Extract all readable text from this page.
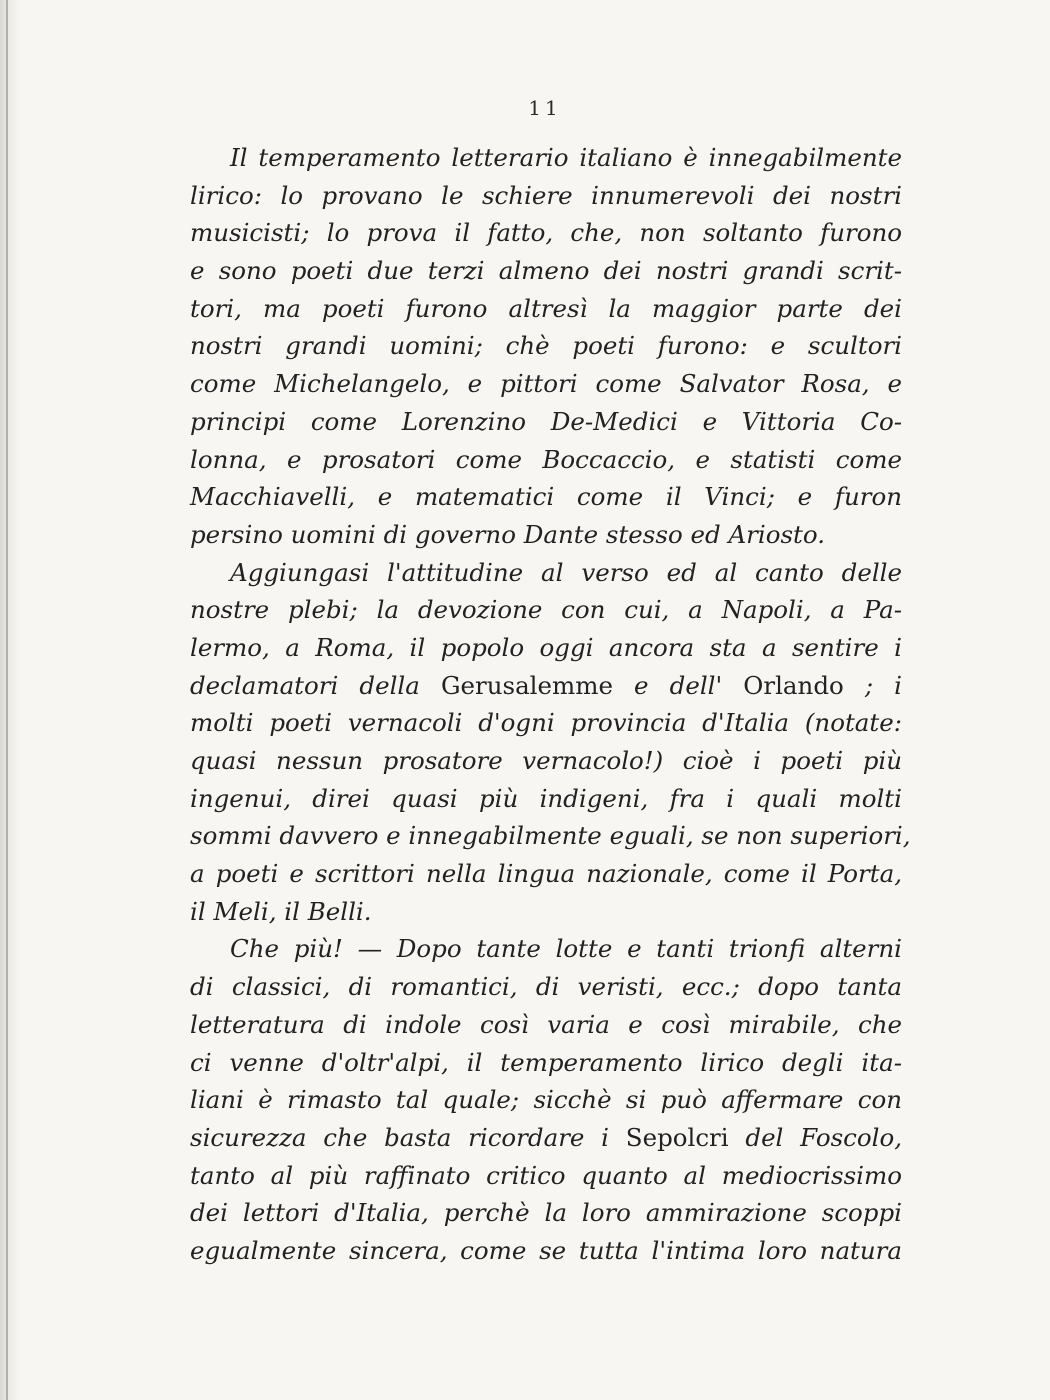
11
Il temperamento letterario italiano è innegabilmente
lirico: lo provano le schiere innumerevoli dei nostri
musicisti; lo prova il fatto, che, non soltanto furono
e sono poeti due terzi almeno dei nostri grandi scrit-
tori, ma poeti furono altresì la maggior parte dei
nostri grandi uomini; chè poeti furono: e scultori
come Michelangelo, e pittori come Salvator Rosa, e
principi come Lorenzino De-Medici e Vittoria Co-
lonna, e prosatori come Boccaccio, e statisti come
Macchiavelli, e matematici come il Vinci; e furon
persino uomini di governo Dante stesso ed Ariosto.
Aggiungasi l'attitudine al verso ed al canto delle
nostre plebi; la devozione con cui, a Napoli, a Pa-
lermo, a Roma, il popolo oggi ancora sta a sentire i
declamatori della Gerusalemme e dell' Orlando ; i
molti poeti vernacoli d'ogni provincia d'Italia (notate:
quasi nessun prosatore vernacolo!) cioè i poeti più
ingenui, direi quasi più indigeni, fra i quali molti
sommi davvero e innegabilmente eguali, se non superiori,
a poeti e scrittori nella lingua nazionale, come il Porta,
il Meli, il Belli.
Che più! — Dopo tante lotte e tanti trionfi alterni
di classici, di romantici, di veristi, ecc.; dopo tanta
letteratura di indole così varia e così mirabile, che
ci venne d'oltr'alpi, il temperamento lirico degli ita-
liani è rimasto tal quale; sicchè si può affermare con
sicurezza che basta ricordare i Sepolcri del Foscolo,
tanto al più raffinato critico quanto al mediocrissimo
dei lettori d'Italia, perchè la loro ammirazione scoppi
egualmente sincera, come se tutta l'intima loro natura
